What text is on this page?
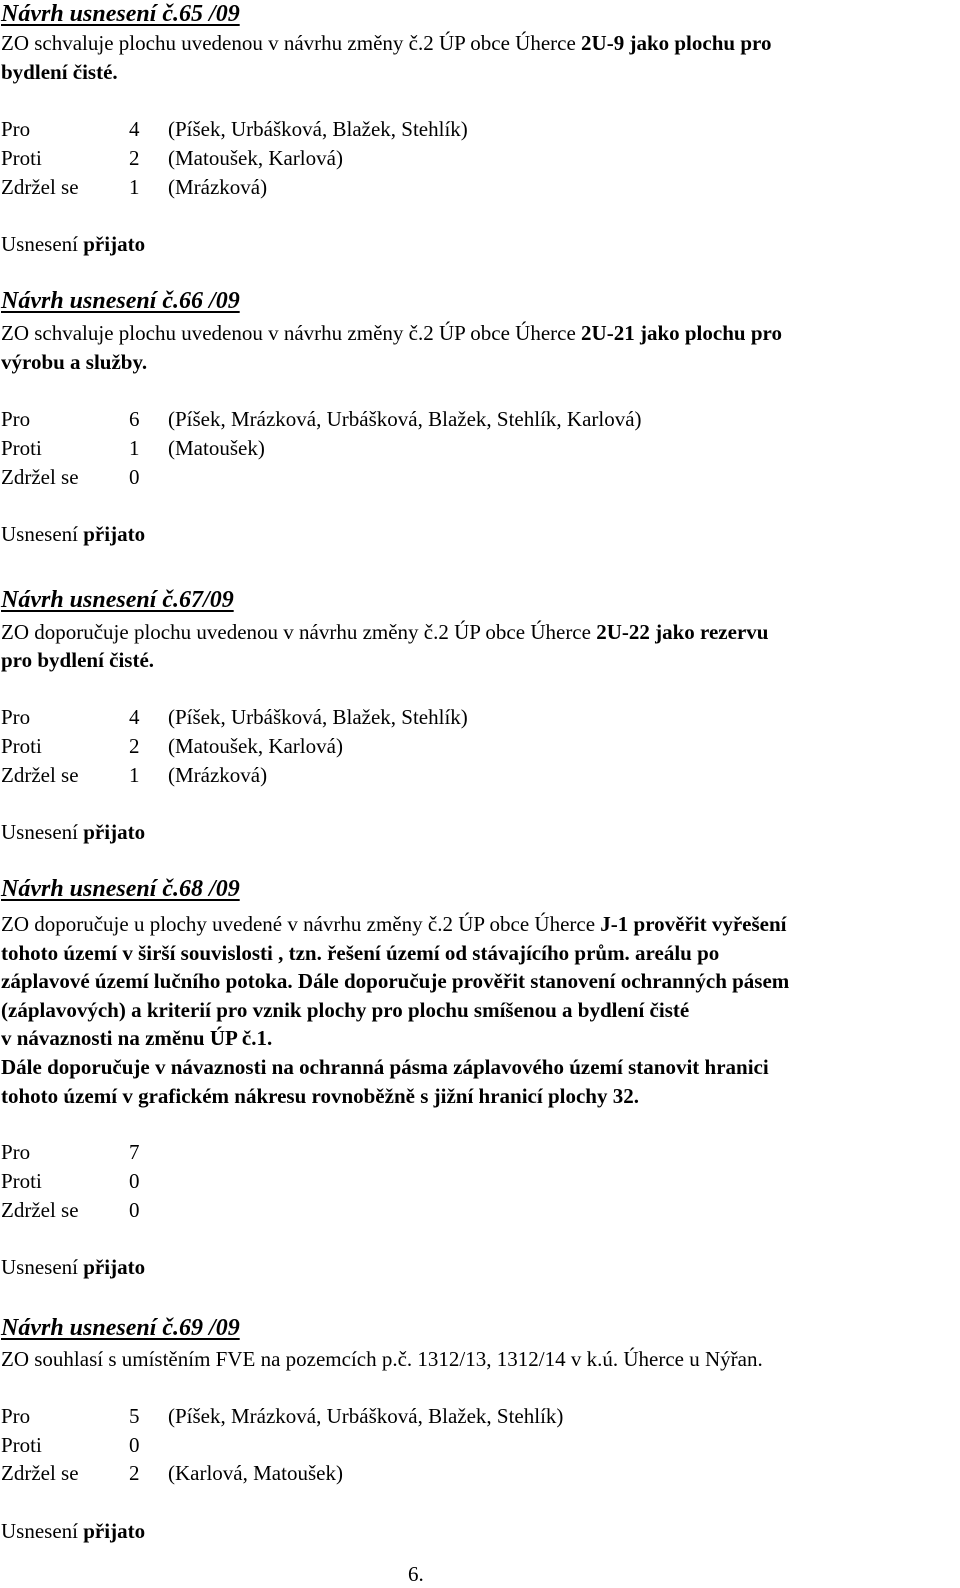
Návrh usnesení č.65 /09
ZO schvaluje plochu uvedenou v návrhu změny č.2 ÚP obce Úherce 2U-9 jako plochu pro
bydlení čisté.
Pro	4 (Píšek, Urbášková, Blažek, Stehlík)
Proti	2 (Matoušek, Karlová)
Zdržel se 1 (Mrázková)
Usnesení přijato
Návrh usnesení č.66 /09
ZO schvaluje plochu uvedenou v návrhu změny č.2 ÚP obce Úherce 2U-21 jako plochu pro
výrobu a služby.
Pro	6 (Píšek, Mrázková, Urbášková, Blažek, Stehlík, Karlová)
Proti	1 (Matoušek)
Zdržel se 0
Usnesení přijato
Návrh usnesení č.67/09
ZO doporučuje plochu uvedenou v návrhu změny č.2 ÚP obce Úherce 2U-22 jako rezervu
pro bydlení čisté.
Pro	4 (Píšek, Urbášková, Blažek, Stehlík)
Proti	2 (Matoušek, Karlová)
Zdržel se 1 (Mrázková)
Usnesení přijato
Návrh usnesení č.68 /09
ZO doporučuje u plochy uvedené v návrhu změny č.2 ÚP obce Úherce J-1 prověřit vyřešení
tohoto území v širší souvislosti , tzn. řešení území od stávajícího prům. areálu po
záplavové území lučního potoka. Dále doporučuje prověřit stanovení ochranných pásem
(záplavových) a kriterií pro vznik plochy pro plochu smíšenou a bydlení čisté
v návaznosti na změnu ÚP č.1.
Dále doporučuje v návaznosti na ochranná pásma záplavového území stanovit hranici
tohoto území v grafickém nákresu rovnoběžně s jižní hranicí plochy 32.
Pro	7
Proti	0
Zdržel se 0
Usnesení přijato
Návrh usnesení č.69 /09
ZO souhlasí s umístěním FVE na pozemcích p.č. 1312/13, 1312/14 v k.ú. Úherce u Nýřan.
Pro	5 (Píšek, Mrázková, Urbášková, Blažek, Stehlík)
Proti	0
Zdržel se 2 (Karlová, Matoušek)
Usnesení přijato
6.
